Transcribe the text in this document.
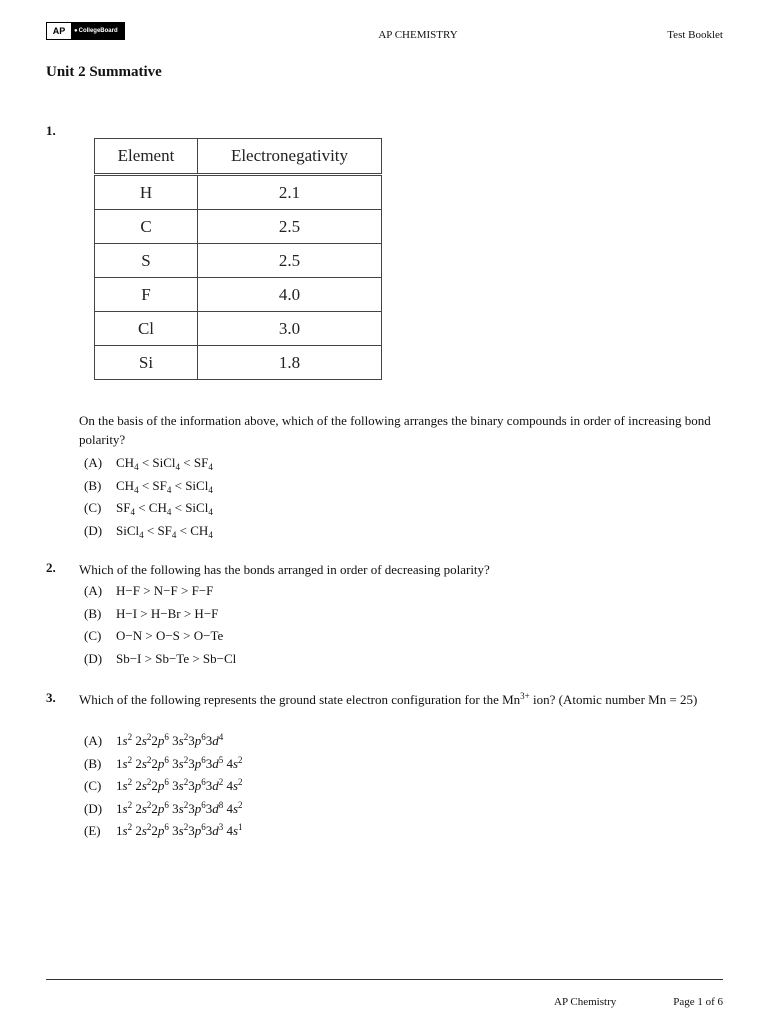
AP	● CollegeBoard	AP CHEMISTRY	Test Booklet
Unit 2 Summative
1.
Element	Electronegativity
H	2.1
C	2.5
S	2.5
F	4.0
Cl	3.0
Si	1.8
On the basis of the information above, which of the following arranges the binary compounds in order of increasing bond polarity?
(A)	$CH_4$ < SiCl$_4$ < $SF_4$
(B)	$CH_4 < SF_4$ < SiCl$_4$
(C)	$SF_4 < CH_4$ < SiCl$_4$
(D)	SiCl$_4$ < $SF_4 < CH_4$
2. Which of the following has the bonds arranged in order of decreasing polarity?
(A)	H−F > N−F > F−F
(B)	H−I > H−Br > H−F
(C)	O−N > O−S > O−Te
(D)	Sb−I > Sb−Te > Sb−Cl
3. Which of the following represents the ground state electron configuration for the $Mn^{3+}$ ion? (Atomic number Mn = 25)
(A)	$1s^2$ $2s^22p^6$ $3s^23p^63d^4$
(B)	$1s^2$ $2s^22p^6$ $3s^23p^63d^5$ $4s^2$
(C)	$1s^2$ $2s^22p^6$ $3s^23p^63d^2$ $4s^2$
(D)	$1s^2$ $2s^22p^6$ $3s^23p^63d^8$ $4s^2$
(E)	$1s^2$ $2s^22p^6$ $3s^23p^63d^3$ $4s^1$
AP Chemistry	Page 1 of 6
